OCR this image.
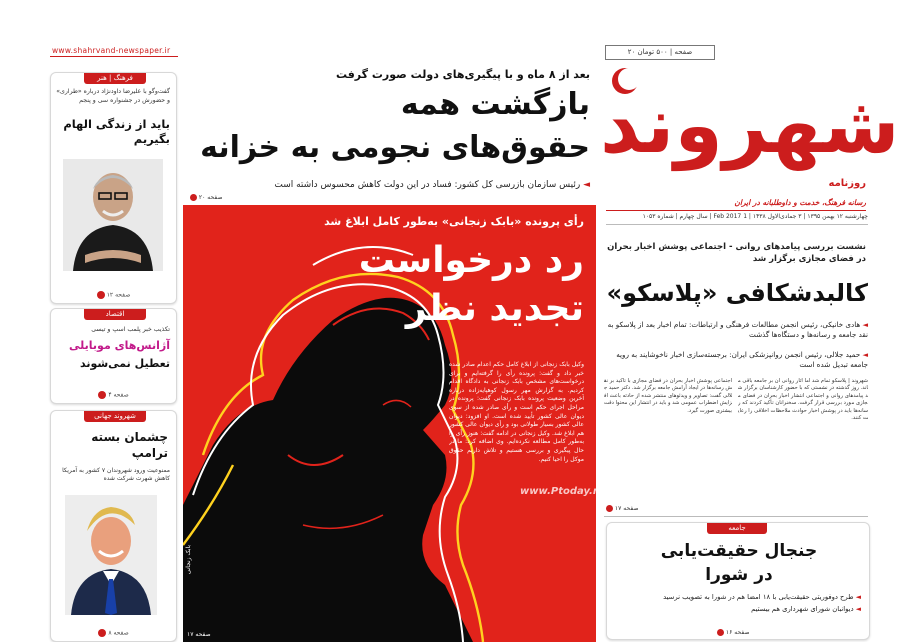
www.shahrvand-newspaper.ir
فرهنگ | هنر
گفت‌وگو با علیرضا داودنژاد درباره «طراری» و حضورش در جشنواره سی و پنجم
باید از زندگی الهام بگیریم
صفحه ۱۲
اقتصاد
تکذیب خبر پلمب اسپ و تیسی
آژانس‌های موبایلی
تعطیل نمی‌شوند
صفحه ۴
شهروند جهانی
چشمان بسته ترامپ
ممنوعیت ورود شهروندان ۷ کشور به آمریکا کاهش شهرت شرکت شده
صفحه ۸
بعد از ۸ ماه و با پیگیری‌های دولت صورت گرفت
بازگشت همه
حقوق‌های نجومی به خزانه
◄ رئیس سازمان بازرسی کل کشور: فساد در این دولت کاهش محسوس داشته است
صفحه ۲۰
رأی پرونده «بابک زنجانی» به‌طور کامل ابلاغ شد
رد درخواست
تجدید نظر
وکیل بابک زنجانی از ابلاغ کامل حکم اعدام صادر شده خبر داد و گفت: پرونده رأی را گرفته‌ایم و برای درخواست‌های مشخص بابک زنجانی به دادگاه اقدام کردیم. به گزارش مهر رسول کوهپایه‌زاده درباره آخرین وضعیت پرونده بابک زنجانی گفت: پرونده در مراحل اجرای حکم است و رأی صادر شده از سوی دیوان عالی کشور تأیید شده است. او افزود: دیوان عالی کشور بسیار طولانی بود و رأی دیوان عالی کشور هم ابلاغ شد. وکیل زنجانی در ادامه گفت: هنوز رأی را به‌طور کامل مطالعه نکرده‌ایم. وی اضافه کرد: ما در حال پیگیری و بررسی هستیم و تلاش داریم حقوق موکل را احیا کنیم.
بابک زنجانی
صفحه ۱۷
www.Ptoday.net
۲۰ صفحه | ۵۰۰ تومان
روزنامه
شهروند
رسانه فرهنگ، خدمت و داوطلبانه در ایران
چهارشنبه ۱۲ بهمن ۱۳۹۵ | ۳ جمادی‌الاول ۱۴۳۸ | 1 Feb 2017 | سال چهارم | شماره ۱۰۵۳
نشست بررسی پیامدهای روانی - اجتماعی پوشش اخبار بحران در فضای مجازی برگزار شد
کالبدشکافی «پلاسکو»
◄ هادی خانیکی، رئیس انجمن مطالعات فرهنگی و ارتباطات: تمام اخبار بعد از پلاسکو به نقد جامعه و رسانه‌ها و دستگاه‌ها گذشت
◄ حمید جلالی، رئیس انجمن روانپزشکی ایران: برجسته‌سازی اخبار ناخوشایند به رویه جامعه تبدیل شده است
شهروند | پلاسکو تمام شد اما آثار روانی آن بر جامعه باقی ماند. روز گذشته در نشستی که با حضور کارشناسان برگزار شد پیامدهای روانی و اجتماعی انتشار اخبار بحران در فضای مجازی مورد بررسی قرار گرفت. سخنرانان تأکید کردند که رسانه‌ها باید در پوشش اخبار حوادث ملاحظات اخلاقی را رعایت کنند.
اجتماعی پوشش اخبار بحران در فضای مجازی با تأکید بر نقش رسانه‌ها در ایجاد آرامش جامعه برگزار شد. دکتر حمید جلالی گفت: تصاویر و ویدئوهای منتشر شده از حادثه باعث افزایش اضطراب عمومی شد و باید در انتشار این محتوا دقت بیشتری صورت گیرد.
صفحه ۱۷
جامعه
جنجال حقیقت‌یابی
در شورا
◄ طرح دوفوریتی حقیقت‌یابی با ۱۸ امضا هم در شورا به تصویب نرسید
◄ دیوانبان شورای شهرداری هم بیستیم
صفحه ۱۶
